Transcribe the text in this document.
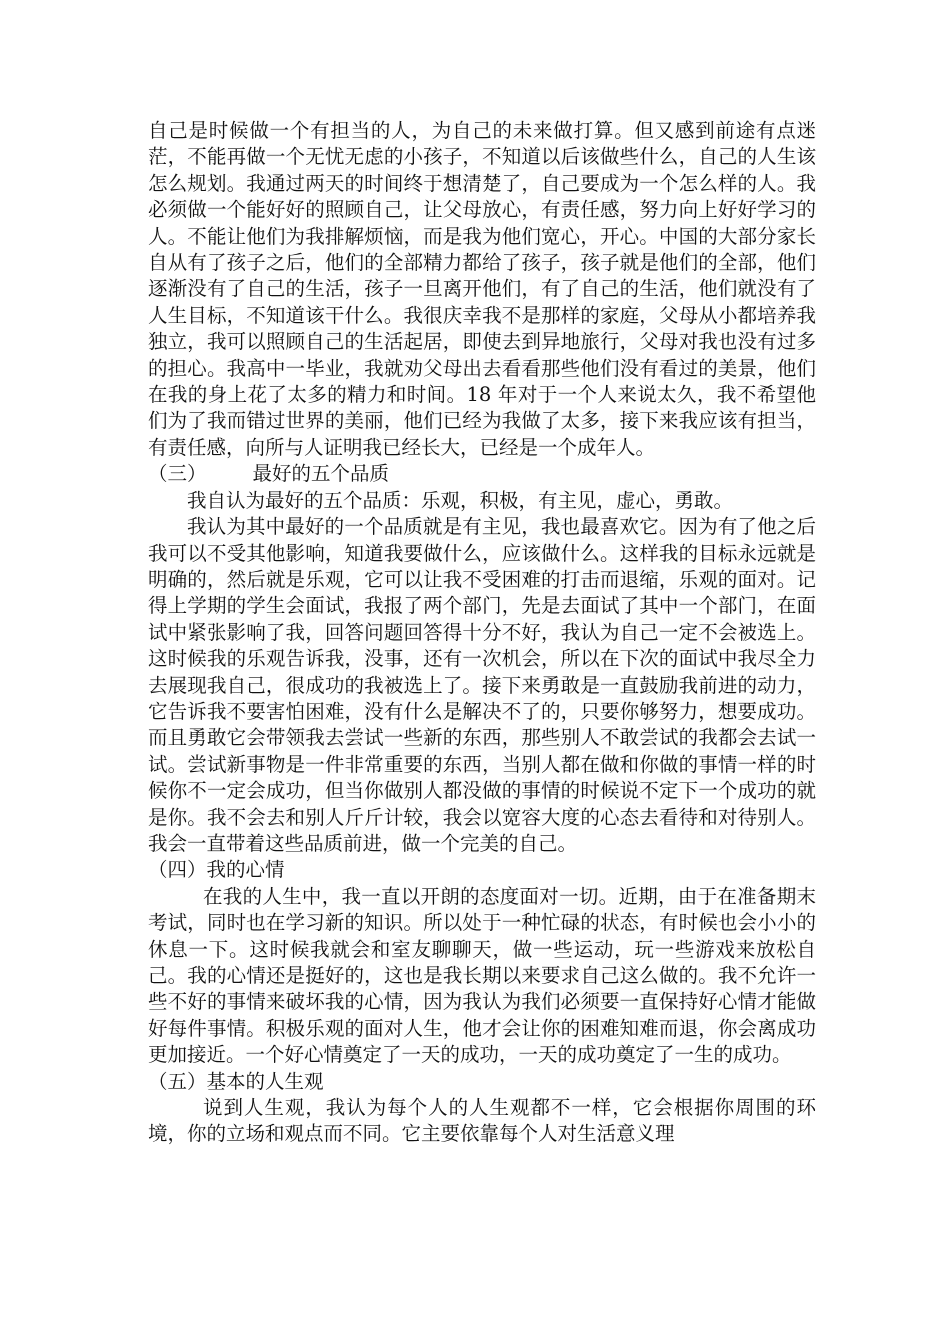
自己是时候做一个有担当的人，为自己的未来做打算。但又感到前途有点迷茫，不能再做一个无忧无虑的小孩子，不知道以后该做些什么，自己的人生该怎么规划。我通过两天的时间终于想清楚了，自己要成为一个怎么样的人。我必须做一个能好好的照顾自己，让父母放心，有责任感，努力向上好好学习的人。不能让他们为我排解烦恼，而是我为他们宽心，开心。中国的大部分家长自从有了孩子之后，他们的全部精力都给了孩子，孩子就是他们的全部，他们逐渐没有了自己的生活，孩子一旦离开他们，有了自己的生活，他们就没有了人生目标，不知道该干什么。我很庆幸我不是那样的家庭，父母从小都培养我独立，我可以照顾自己的生活起居，即使去到异地旅行，父母对我也没有过多的担心。我高中一毕业，我就劝父母出去看看那些他们没有看过的美景，他们在我的身上花了太多的精力和时间。18 年对于一个人来说太久，我不希望他们为了我而错过世界的美丽，他们已经为我做了太多，接下来我应该有担当，有责任感，向所与人证明我已经长大，已经是一个成年人。

（三） 最好的五个品质

我自认为最好的五个品质：乐观，积极，有主见，虚心，勇敢。

我认为其中最好的一个品质就是有主见，我也最喜欢它。因为有了他之后我可以不受其他影响，知道我要做什么，应该做什么。这样我的目标永远就是明确的，然后就是乐观，它可以让我不受困难的打击而退缩，乐观的面对。记得上学期的学生会面试，我报了两个部门，先是去面试了其中一个部门，在面试中紧张影响了我，回答问题回答得十分不好，我认为自己一定不会被选上。这时候我的乐观告诉我，没事，还有一次机会，所以在下次的面试中我尽全力去展现我自己，很成功的我被选上了。接下来勇敢是一直鼓励我前进的动力，它告诉我不要害怕困难，没有什么是解决不了的，只要你够努力，想要成功。而且勇敢它会带领我去尝试一些新的东西，那些别人不敢尝试的我都会去试一试。尝试新事物是一件非常重要的东西，当别人都在做和你做的事情一样的时候你不一定会成功，但当你做别人都没做的事情的时候说不定下一个成功的就是你。我不会去和别人斤斤计较，我会以宽容大度的心态去看待和对待别人。我会一直带着这些品质前进，做一个完美的自己。

（四）我的心情

在我的人生中，我一直以开朗的态度面对一切。近期，由于在准备期末考试，同时也在学习新的知识。所以处于一种忙碌的状态，有时候也会小小的休息一下。这时候我就会和室友聊聊天，做一些运动，玩一些游戏来放松自己。我的心情还是挺好的，这也是我长期以来要求自己这么做的。我不允许一些不好的事情来破坏我的心情，因为我认为我们必须要一直保持好心情才能做好每件事情。积极乐观的面对人生，他才会让你的困难知难而退，你会离成功更加接近。一个好心情奠定了一天的成功，一天的成功奠定了一生的成功。

（五）基本的人生观

说到人生观，我认为每个人的人生观都不一样，它会根据你周围的环境，你的立场和观点而不同。它主要依靠每个人对生活意义理
